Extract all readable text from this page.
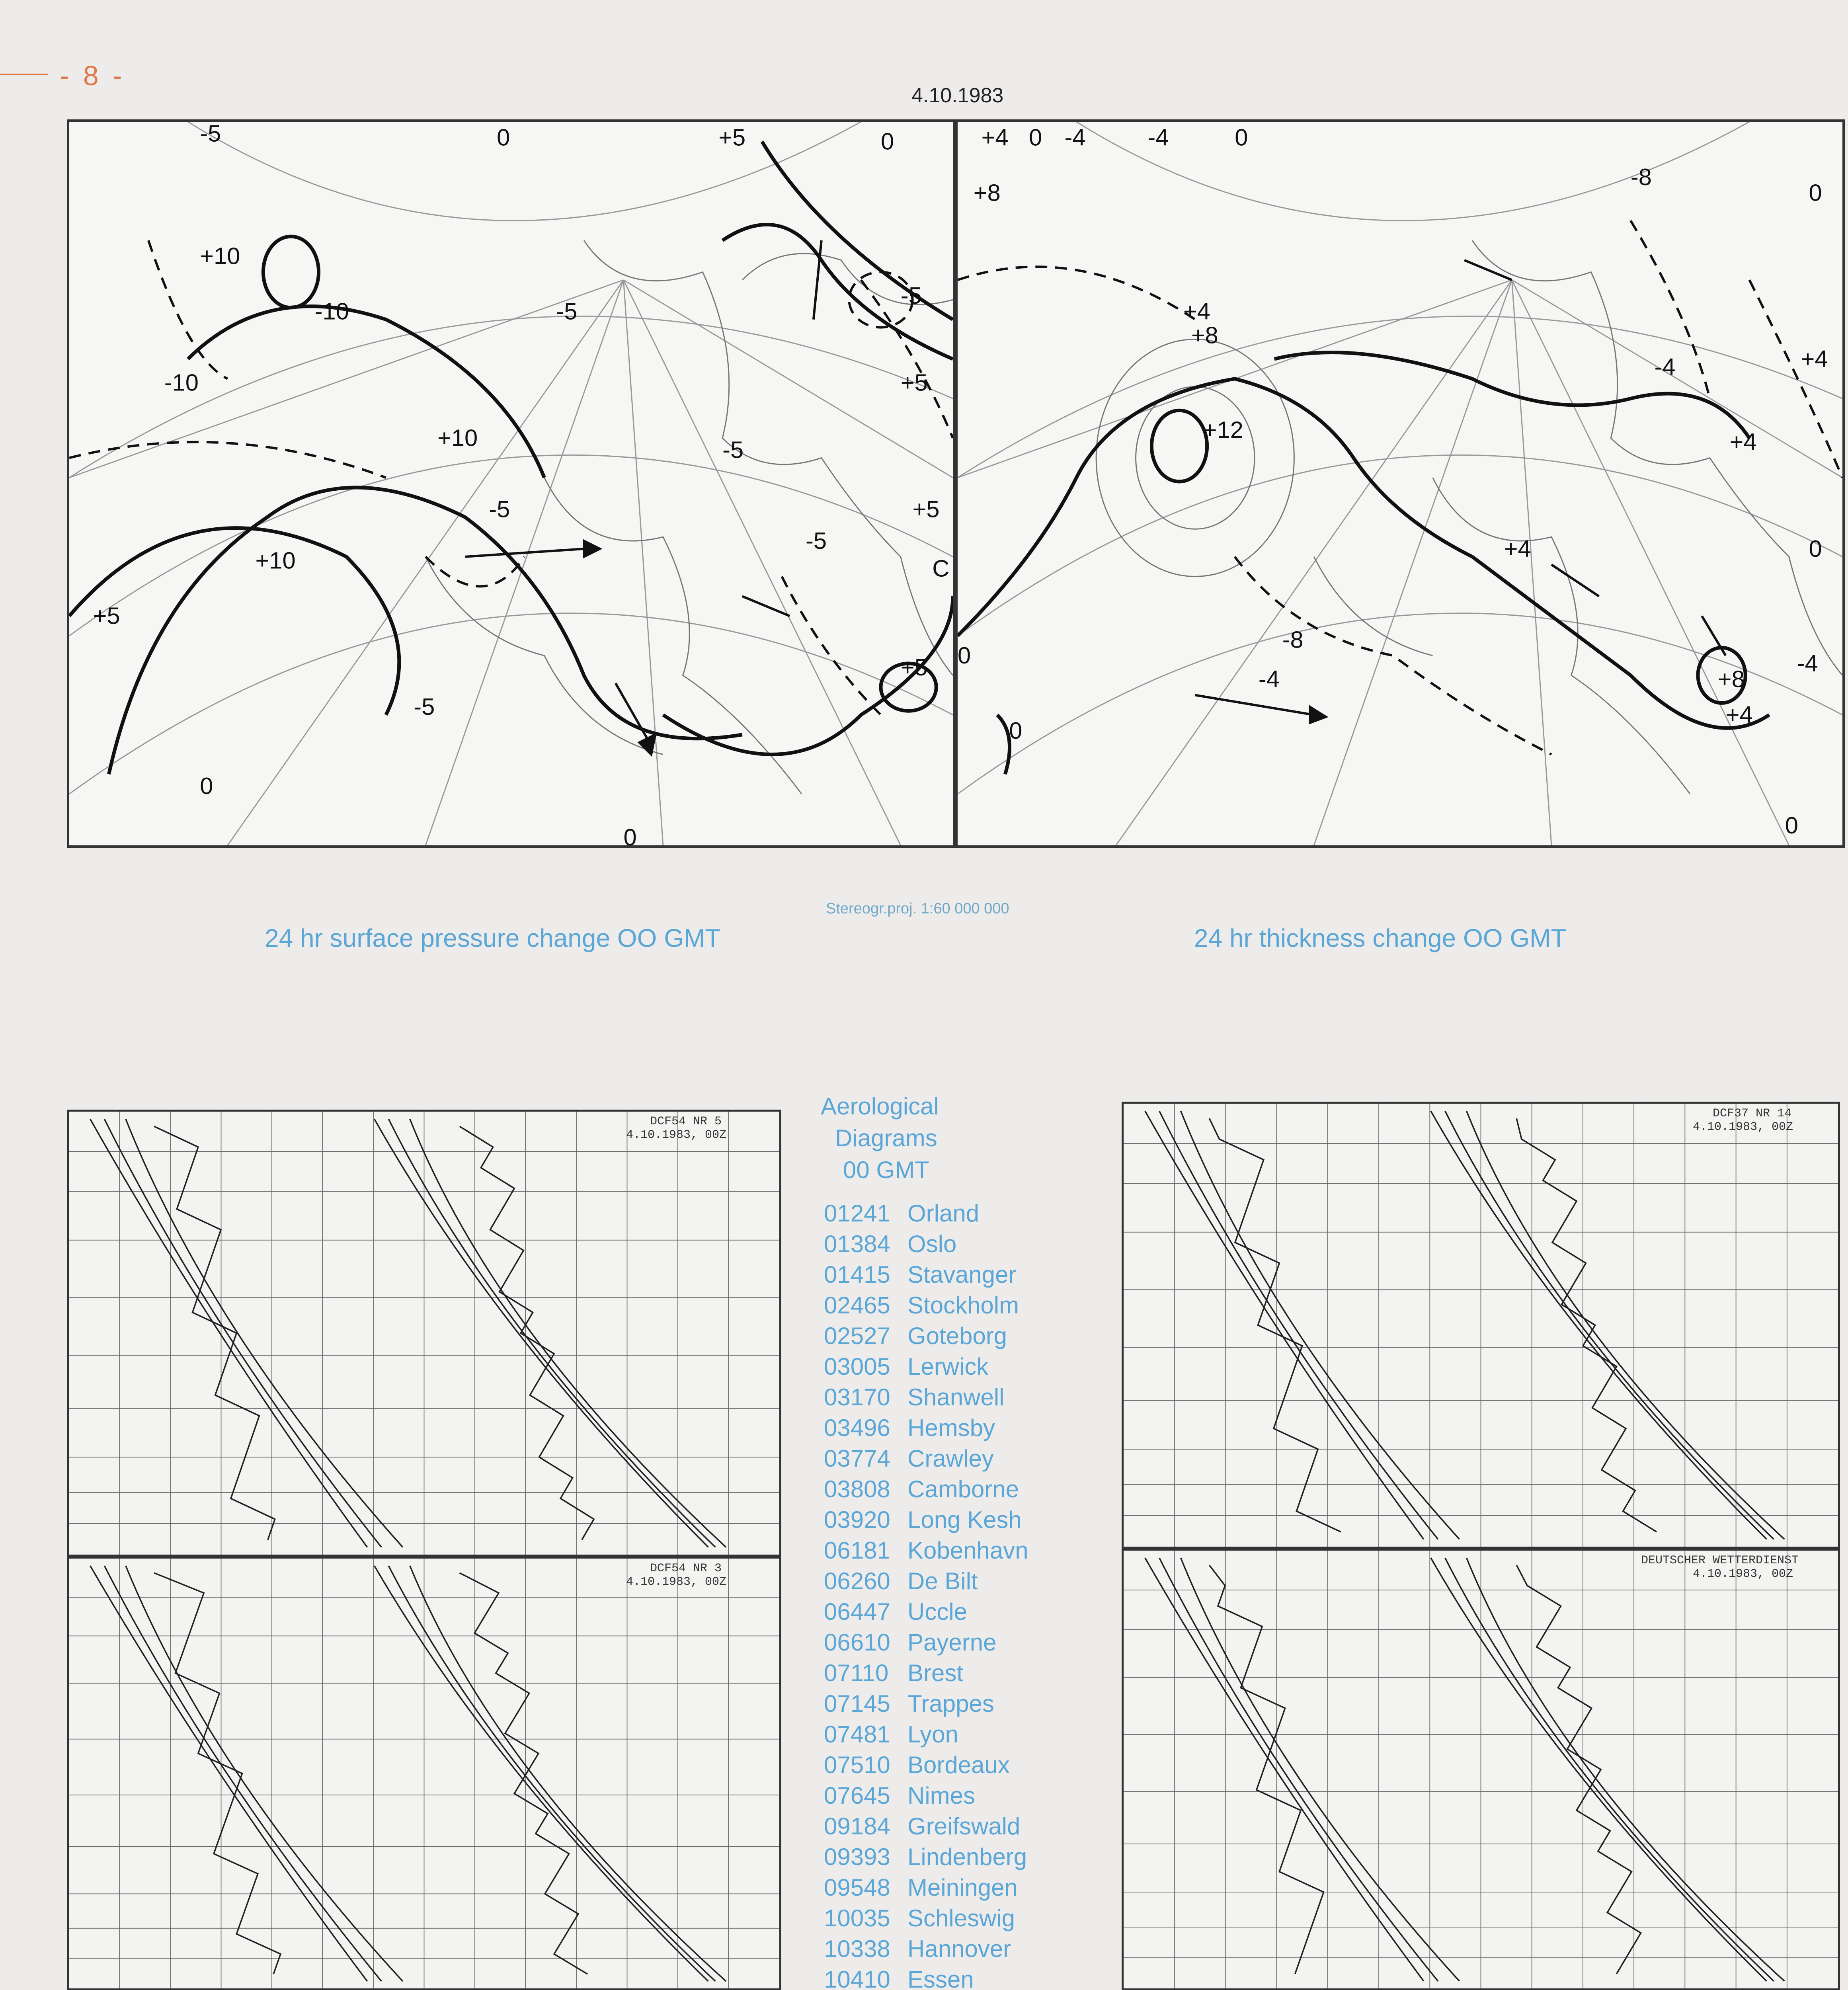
- 8 -
4.10.1983
-5	0	+5	0
+10
-10	-5
-5
+5
+10
+10
-5
-5
+5
-5
+5
-5
+5
0
0
C
-10
+4 0 -4	-4	0
+8
+4
+8
+12
-8
0
+4
-4
+4
+4	0
-8
-4	+8
+4
-4
0
0
0
Stereogr.proj. 1:60 000 000
24 hr surface pressure change OO GMT	24 hr thickness change OO GMT
Aerological
Diagrams
00 GMT
01241 Orland
01384 Oslo
01415 Stavanger
02465 Stockholm
02527 Goteborg
03005 Lerwick
03170 Shanwell
03496 Hemsby
03774 Crawley
03808 Camborne
03920 Long Kesh
06181 Kobenhavn
06260 De Bilt
06447 Uccle
06610 Payerne
07110 Brest
07145 Trappes
07481 Lyon
07510 Bordeaux
07645 Nimes
09184 Greifswald
09393 Lindenberg
09548 Meiningen
10035 Schleswig
10338 Hannover
10410 Essen
DCF54 NR 5
4.10.1983, 00Z
DCF54 NR 3
4.10.1983, 00Z
DCF37 NR 14
4.10.1983, 00Z
DEUTSCHER WETTERDIENST
4.10.1983, 00Z
